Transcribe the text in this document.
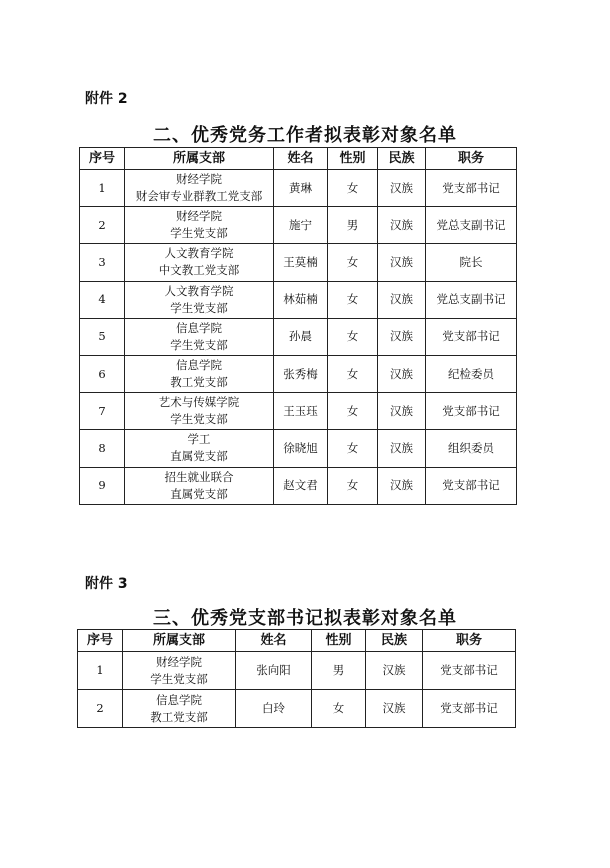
附件 2
二、优秀党务工作者拟表彰对象名单
序号	所属支部	姓名	性别	民族	职务
1	财经学院
财会审专业群教工党支部	黄琳	女	汉族	党支部书记
2	财经学院
学生党支部	施宁	男	汉族	党总支副书记
3	人文教育学院
中文教工党支部	王莫楠	女	汉族	院长
4	人文教育学院
学生党支部	林茹楠	女	汉族	党总支副书记
5	信息学院
学生党支部	孙晨	女	汉族	党支部书记
6	信息学院
教工党支部	张秀梅	女	汉族	纪检委员
7	艺术与传媒学院
学生党支部	王玉珏	女	汉族	党支部书记
8	学工
直属党支部	徐晓旭	女	汉族	组织委员
9	招生就业联合
直属党支部	赵文君	女	汉族	党支部书记
附件 3
三、优秀党支部书记拟表彰对象名单
序号	所属支部	姓名	性别	民族	职务
1	财经学院
学生党支部	张向阳	男	汉族	党支部书记
2	信息学院
教工党支部	白玲	女	汉族	党支部书记
